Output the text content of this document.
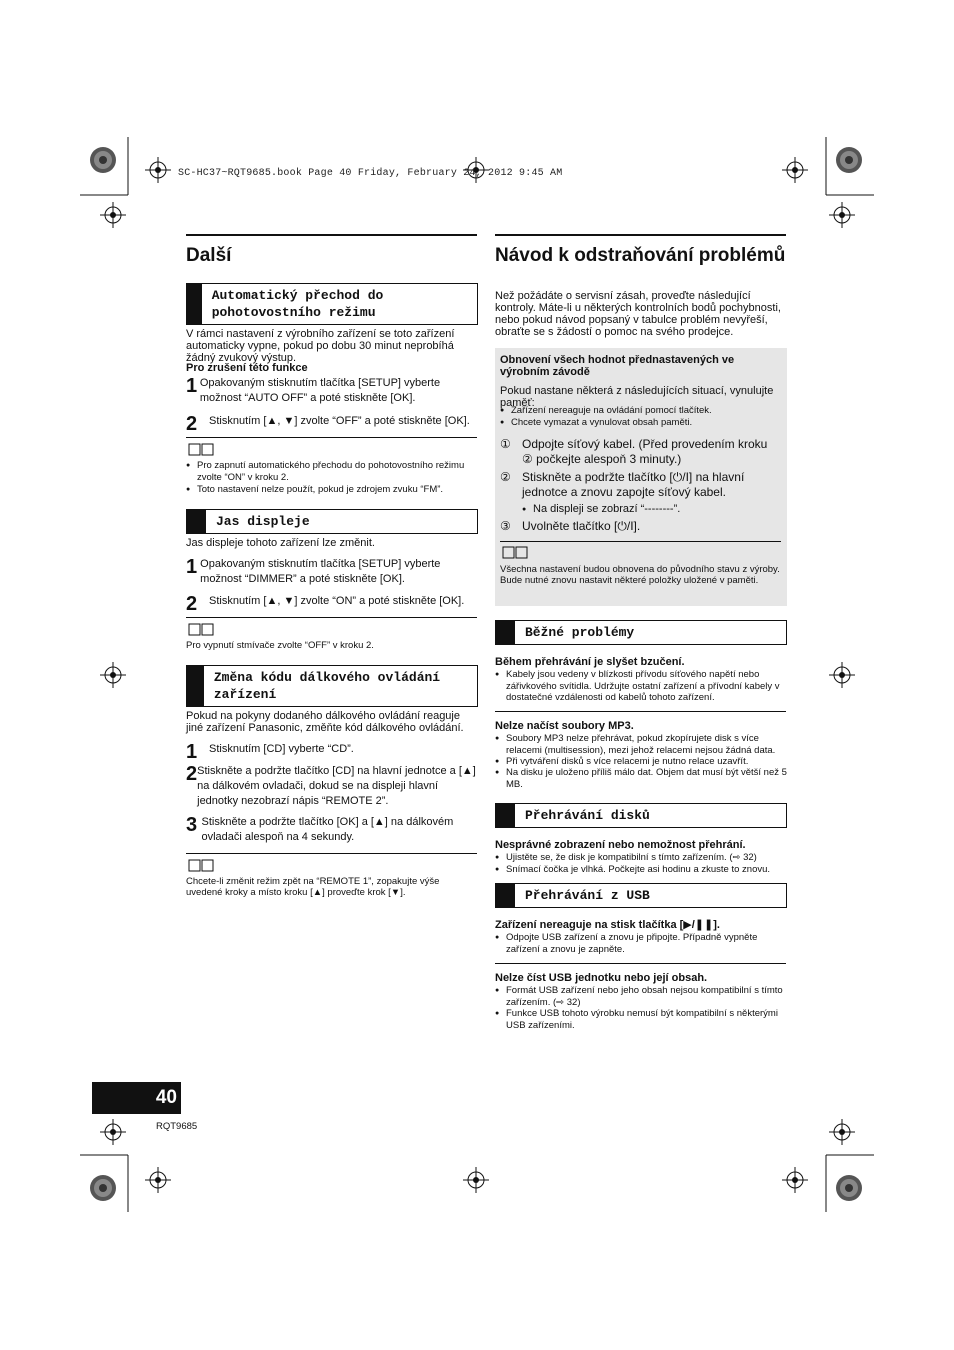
SC-HC37~RQT9685.book Page 40 Friday, February 24, 2012 9:45 AM
Další
Automatický přechod do pohotovostního režimu
V rámci nastavení z výrobního zařízení se toto zařízení automaticky vypne, pokud po dobu 30 minut neprobíhá žádný zvukový výstup.
Pro zrušení této funkce
1 Opakovaným stisknutím tlačítka [SETUP] vyberte možnost “AUTO OFF” a poté stiskněte [OK].
2	Stisknutím [▲, ▼] zvolte “OFF” a poté stiskněte [OK].
● Pro zapnutí automatického přechodu do pohotovostního režimu zvolte “ON” v kroku 2.
● Toto nastavení nelze použít, pokud je zdrojem zvuku “FM”.
Jas displeje
Jas displeje tohoto zařízení lze změnit.
1 Opakovaným stisknutím tlačítka [SETUP] vyberte možnost “DIMMER” a poté stiskněte [OK].
2	Stisknutím [▲, ▼] zvolte “ON” a poté stiskněte [OK].
Pro vypnutí stmívače zvolte “OFF” v kroku 2.
Změna kódu dálkového ovládání zařízení
Pokud na pokyny dodaného dálkového ovládání reaguje jiné zařízení Panasonic, změňte kód dálkového ovládání.
1	Stisknutím [CD] vyberte “CD”.
2 Stiskněte a podržte tlačítko [CD] na hlavní jednotce a [▲] na dálkovém ovladači, dokud se na displeji hlavní jednotky nezobrazí nápis “REMOTE 2”.
3 Stiskněte a podržte tlačítko [OK] a [▲] na dálkovém ovladači alespoň na 4 sekundy.
Chcete-li změnit režim zpět na “REMOTE 1”, zopakujte výše uvedené kroky a místo kroku [▲] proveďte krok [▼].
Návod k odstraňování problémů
Než požádáte o servisní zásah, proveďte následující kontroly. Máte-li u některých kontrolních bodů pochybnosti, nebo pokud návod popsaný v tabulce problém nevyřeší, obraťte se s žádostí o pomoc na svého prodejce.
Obnovení všech hodnot přednastavených ve výrobním závodě
Pokud nastane některá z následujících situací, vynulujte paměť:
● Zařízení nereaguje na ovládání pomocí tlačítek.
● Chcete vymazat a vynulovat obsah paměti.
① Odpojte síťový kabel. (Před provedením kroku ② počkejte alespoň 3 minuty.)
② Stiskněte a podržte tlačítko [⏻/I] na hlavní jednotce a znovu zapojte síťový kabel.
● Na displeji se zobrazí “--------”.
③ Uvolněte tlačítko [⏻/I].
Všechna nastavení budou obnovena do původního stavu z výroby. Bude nutné znovu nastavit některé položky uložené v paměti.
Běžné problémy
Během přehrávání je slyšet bzučení.
● Kabely jsou vedeny v blízkosti přívodu síťového napětí nebo zářivkového svítidla. Udržujte ostatní zařízení a přívodní kabely v dostatečné vzdálenosti od kabelů tohoto zařízení.
Nelze načíst soubory MP3.
● Soubory MP3 nelze přehrávat, pokud zkopírujete disk s více relacemi (multisession), mezi jehož relacemi nejsou žádná data.
● Při vytváření disků s více relacemi je nutno relace uzavřít.
● Na disku je uloženo příliš málo dat. Objem dat musí být větší než 5 MB.
Přehrávání disků
Nesprávné zobrazení nebo nemožnost přehrání.
● Ujistěte se, že disk je kompatibilní s tímto zařízením. (⇨ 32)
● Snímací čočka je vlhká. Počkejte asi hodinu a zkuste to znovu.
Přehrávání z USB
Zařízení nereaguje na stisk tlačítka [▶/❚❚].
● Odpojte USB zařízení a znovu je připojte. Případně vypněte zařízení a znovu je zapněte.
Nelze číst USB jednotku nebo její obsah.
● Formát USB zařízení nebo jeho obsah nejsou kompatibilní s tímto zařízením. (⇨ 32)
● Funkce USB tohoto výrobku nemusí být kompatibilní s některými USB zařízeními.
40
RQT9685
